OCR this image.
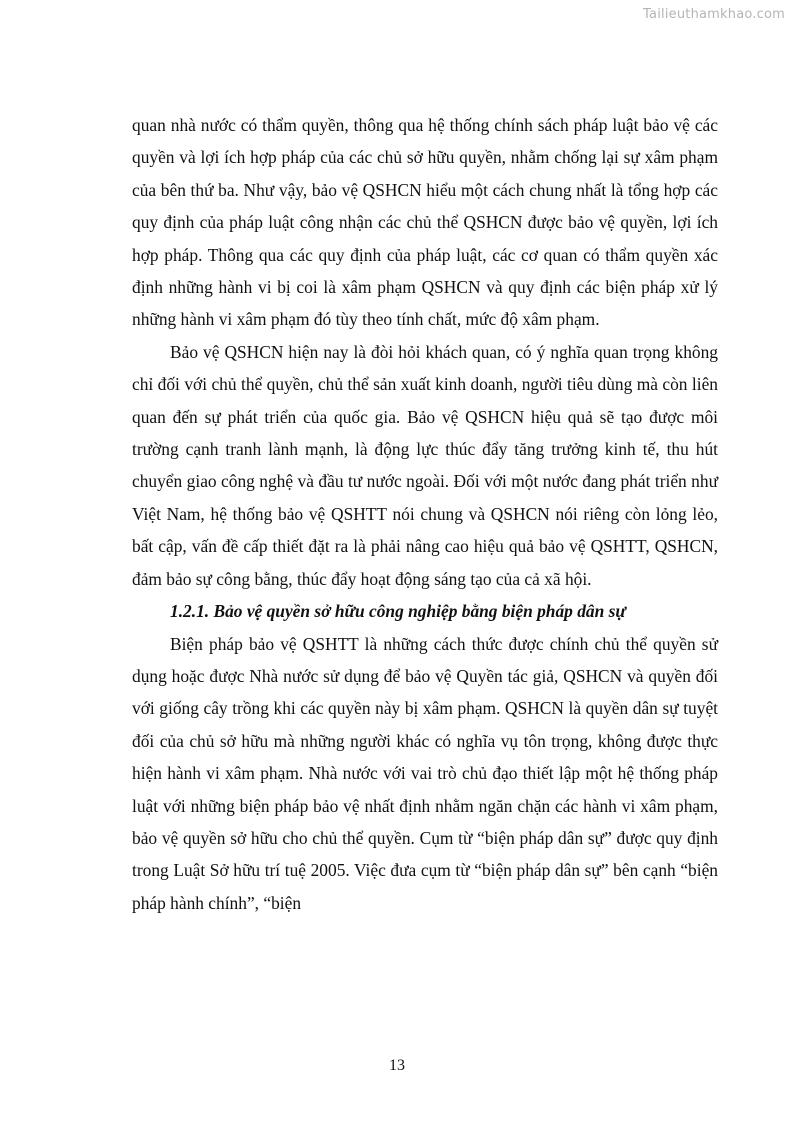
Tailieuthamkhao.com

quan nhà nước có thẩm quyền, thông qua hệ thống chính sách pháp luật bảo vệ các quyền và lợi ích hợp pháp của các chủ sở hữu quyền, nhằm chống lại sự xâm phạm của bên thứ ba. Như vậy, bảo vệ QSHCN hiểu một cách chung nhất là tổng hợp các quy định của pháp luật công nhận các chủ thể QSHCN được bảo vệ quyền, lợi ích hợp pháp. Thông qua các quy định của pháp luật, các cơ quan có thẩm quyền xác định những hành vi bị coi là xâm phạm QSHCN và quy định các biện pháp xử lý những hành vi xâm phạm đó tùy theo tính chất, mức độ xâm phạm.

Bảo vệ QSHCN hiện nay là đòi hỏi khách quan, có ý nghĩa quan trọng không chỉ đối với chủ thể quyền, chủ thể sản xuất kinh doanh, người tiêu dùng mà còn liên quan đến sự phát triển của quốc gia. Bảo vệ QSHCN hiệu quả sẽ tạo được môi trường cạnh tranh lành mạnh, là động lực thúc đẩy tăng trưởng kinh tế, thu hút chuyển giao công nghệ và đầu tư nước ngoài. Đối với một nước đang phát triển như Việt Nam, hệ thống bảo vệ QSHTT nói chung và QSHCN nói riêng còn lỏng lẻo, bất cập, vấn đề cấp thiết đặt ra là phải nâng cao hiệu quả bảo vệ QSHTT, QSHCN, đảm bảo sự công bằng, thúc đẩy hoạt động sáng tạo của cả xã hội.

1.2.1. Bảo vệ quyền sở hữu công nghiệp bằng biện pháp dân sự

Biện pháp bảo vệ QSHTT là những cách thức được chính chủ thể quyền sử dụng hoặc được Nhà nước sử dụng để bảo vệ Quyền tác giả, QSHCN và quyền đối với giống cây trồng khi các quyền này bị xâm phạm. QSHCN là quyền dân sự tuyệt đối của chủ sở hữu mà những người khác có nghĩa vụ tôn trọng, không được thực hiện hành vi xâm phạm. Nhà nước với vai trò chủ đạo thiết lập một hệ thống pháp luật với những biện pháp bảo vệ nhất định nhằm ngăn chặn các hành vi xâm phạm, bảo vệ quyền sở hữu cho chủ thể quyền. Cụm từ “biện pháp dân sự” được quy định trong Luật Sở hữu trí tuệ 2005. Việc đưa cụm từ “biện pháp dân sự” bên cạnh “biện pháp hành chính”, “biện

13
